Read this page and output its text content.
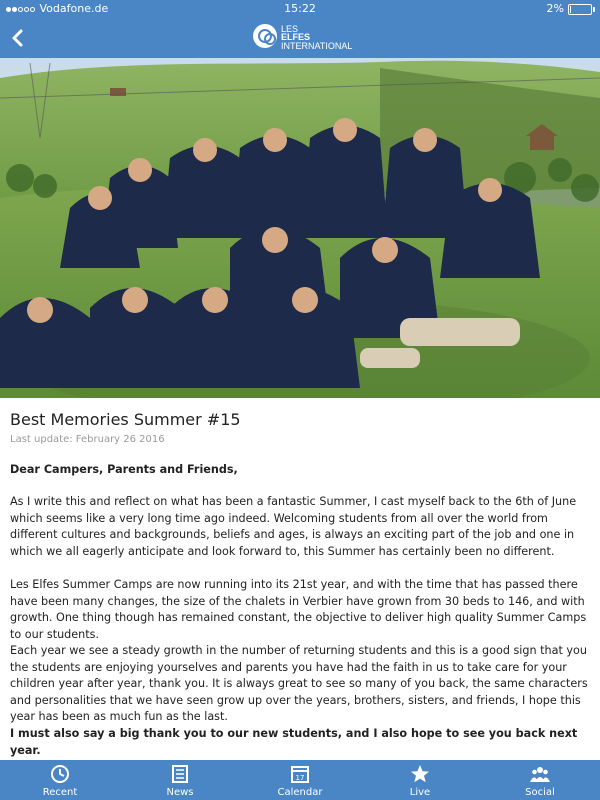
Vodafone.de	15:22	2%
LES
ELFES
INTERNATIONAL
Best Memories Summer #15
Last update: February 26 2016
Dear Campers, Parents and Friends,
As I write this and reflect on what has been a fantastic Summer, I cast myself back to the 6th of June which seems like a very long time ago indeed. Welcoming students from all over the world from different cultures and backgrounds, beliefs and ages, is always an exciting part of the job and one in which we all eagerly anticipate and look forward to, this Summer has certainly been no different.
Les Elfes Summer Camps are now running into its 21st year, and with the time that has passed there have been many changes, the size of the chalets in Verbier have grown from 30 beds to 146, and with growth. One thing though has remained constant, the objective to deliver high quality Summer Camps to our students.
Each year we see a steady growth in the number of returning students and this is a good sign that you the students are enjoying yourselves and parents you have had the faith in us to take care for your children year after year, thank you. It is always great to see so many of you back, the same characters and personalities that we have seen grow up over the years, brothers, sisters, and friends, I hope this year has been as much fun as the last.
I must also say a big thank you to our new students, and I also hope to see you back next year.
Recent	News
17
Calendar	Live	Social
